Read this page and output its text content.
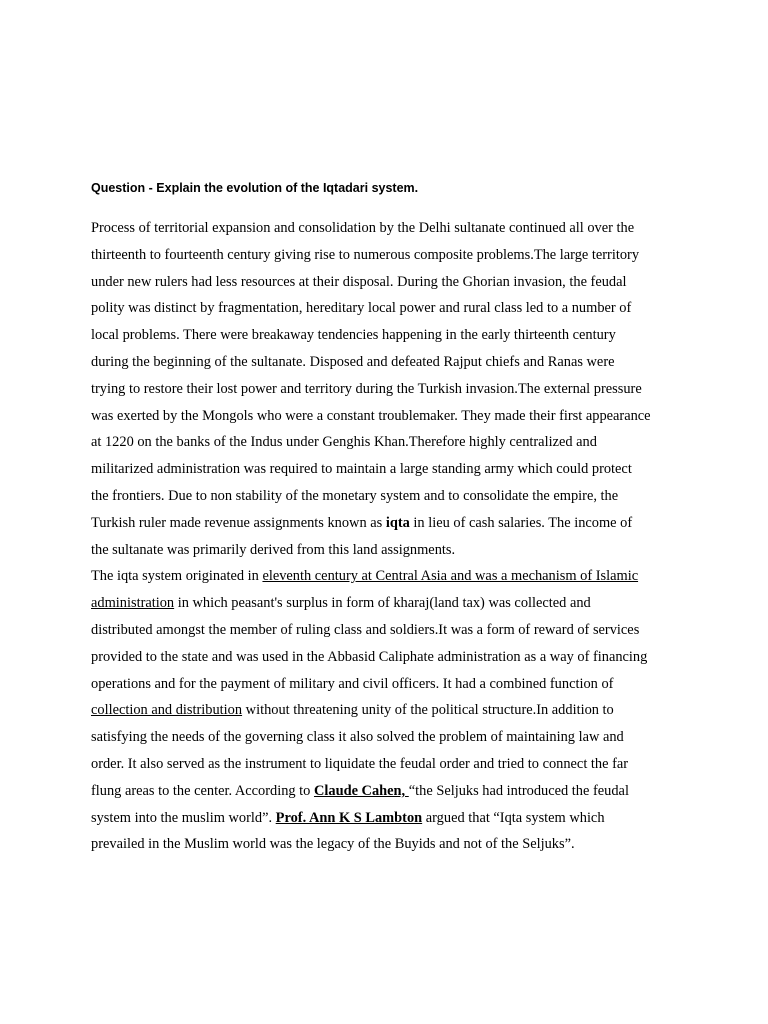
Question - Explain the evolution of the Iqtadari system.

Process of territorial expansion and consolidation by the Delhi sultanate continued all over the
thirteenth to fourteenth century giving rise to numerous composite problems.The large territory
under new rulers had less resources at their disposal. During the Ghorian invasion, the feudal
polity was distinct by fragmentation, hereditary local power and rural class led to a number of
local problems. There were breakaway tendencies happening in the early thirteenth century
during the beginning of the sultanate. Disposed and defeated Rajput chiefs and Ranas were
trying to restore their lost power and territory during the Turkish invasion.The external pressure
was exerted by the Mongols who were a constant troublemaker. They made their first appearance
at 1220 on the banks of the Indus under Genghis Khan.Therefore highly centralized and
militarized administration was required to maintain a large standing army which could protect
the frontiers. Due to non stability of the monetary system and to consolidate the empire, the
Turkish ruler made revenue assignments known as iqta in lieu of cash salaries. The income of
the sultanate was primarily derived from this land assignments.
The iqta system originated in eleventh century at Central Asia and was a mechanism of Islamic
administration in which peasant's surplus in form of kharaj(land tax) was collected and
distributed amongst the member of ruling class and soldiers.It was a form of reward of services
provided to the state and was used in the Abbasid Caliphate administration as a way of financing
operations and for the payment of military and civil officers. It had a combined function of
collection and distribution without threatening unity of the political structure.In addition to
satisfying the needs of the governing class it also solved the problem of maintaining law and
order. It also served as the instrument to liquidate the feudal order and tried to connect the far
flung areas to the center. According to Claude Cahen, “the Seljuks had introduced the feudal
system into the muslim world”. Prof. Ann K S Lambton argued that “Iqta system which
prevailed in the Muslim world was the legacy of the Buyids and not of the Seljuks”.
